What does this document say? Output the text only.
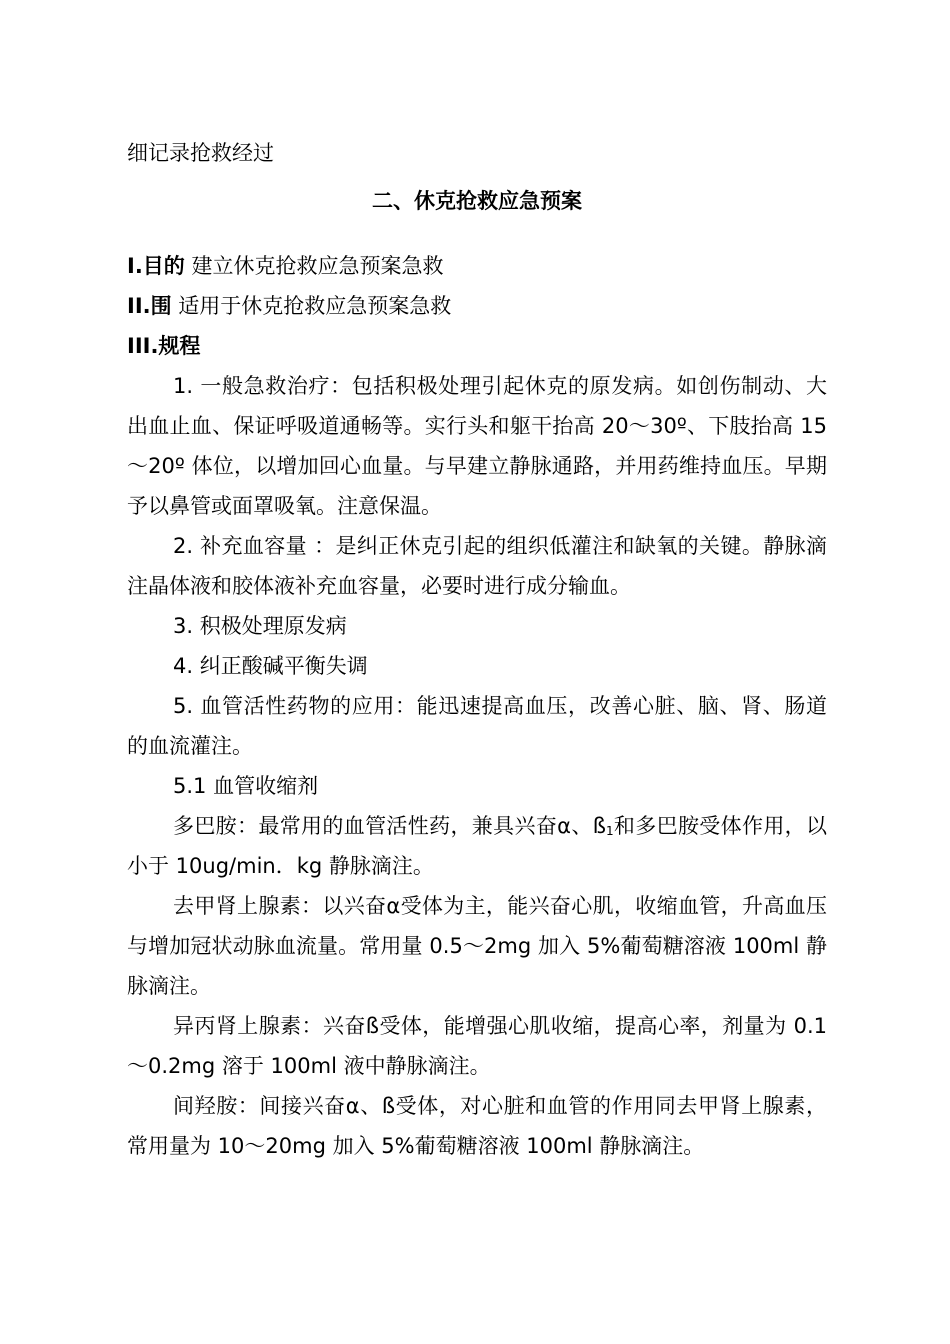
细记录抢救经过

二、休克抢救应急预案

I.目的 建立休克抢救应急预案急救

II.围 适用于休克抢救应急预案急救

III.规程

1. 一般急救治疗：包括积极处理引起休克的原发病。如创伤制动、大出血止血、保证呼吸道通畅等。实行头和躯干抬高 20～30º、下肢抬高 15～20º 体位，以增加回心血量。与早建立静脉通路，并用药维持血压。早期予以鼻管或面罩吸氧。注意保温。

2. 补充血容量 ：是纠正休克引起的组织低灌注和缺氧的关键。静脉滴注晶体液和胶体液补充血容量，必要时进行成分输血。

3. 积极处理原发病

4. 纠正酸碱平衡失调

5. 血管活性药物的应用：能迅速提高血压，改善心脏、脑、肾、肠道的血流灌注。

5.1 血管收缩剂

多巴胺：最常用的血管活性药，兼具兴奋α、$ß_1$和多巴胺受体作用，以小于 10ug/min．kg 静脉滴注。

去甲肾上腺素：以兴奋α受体为主，能兴奋心肌，收缩血管，升高血压与增加冠状动脉血流量。常用量 0.5～2mg 加入 5%葡萄糖溶液 100ml 静脉滴注。

异丙肾上腺素：兴奋ß受体，能增强心肌收缩，提高心率，剂量为 0.1～0.2mg 溶于 100ml 液中静脉滴注。

间羟胺：间接兴奋α、ß受体，对心脏和血管的作用同去甲肾上腺素，常用量为 10～20mg 加入 5%葡萄糖溶液 100ml 静脉滴注。
